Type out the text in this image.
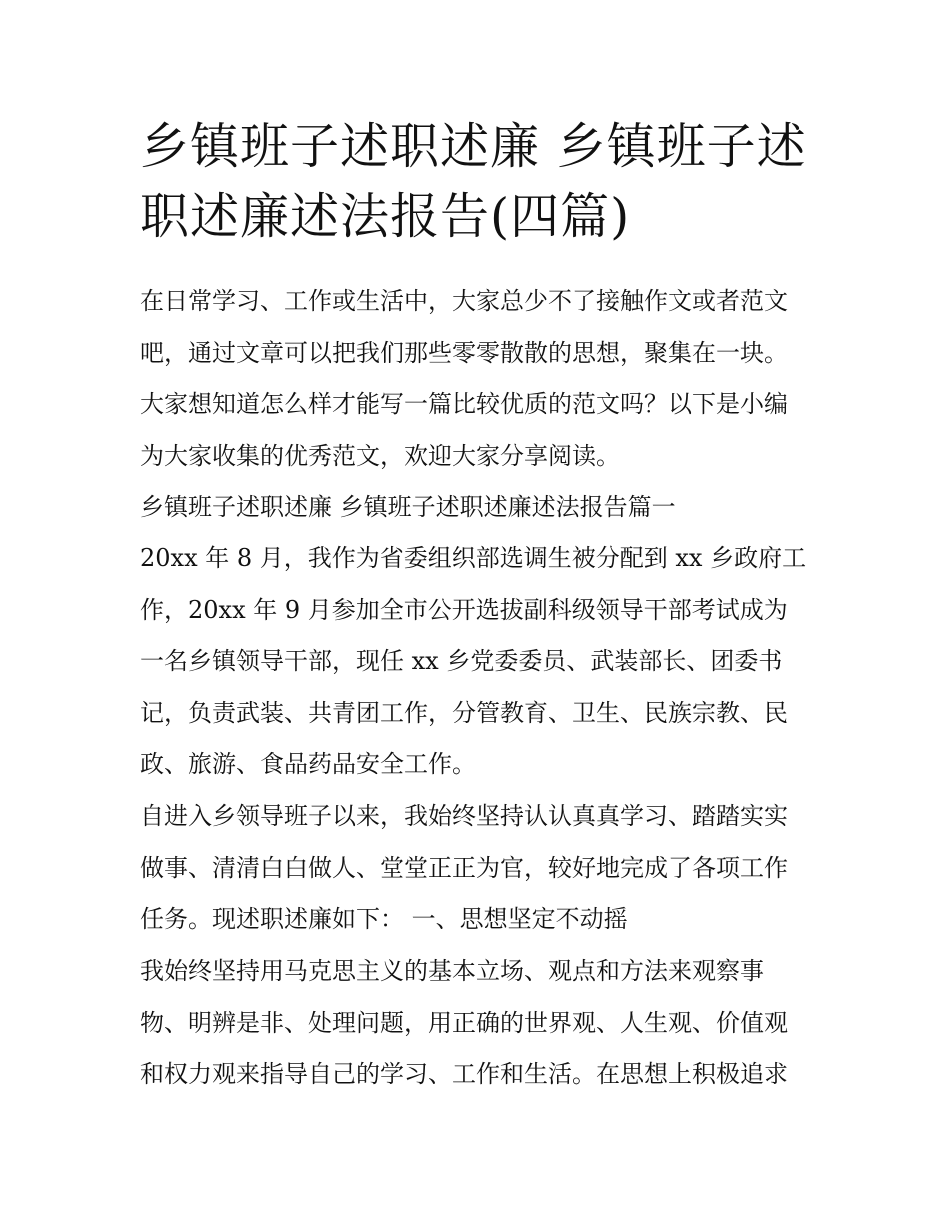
乡镇班子述职述廉 乡镇班子述
职述廉述法报告(四篇)
在日常学习、工作或生活中，大家总少不了接触作文或者范文
吧，通过文章可以把我们那些零零散散的思想，聚集在一块。
大家想知道怎么样才能写一篇比较优质的范文吗？以下是小编
为大家收集的优秀范文，欢迎大家分享阅读。
乡镇班子述职述廉 乡镇班子述职述廉述法报告篇一
20xx 年 8 月，我作为省委组织部选调生被分配到 xx 乡政府工
作，20xx 年 9 月参加全市公开选拔副科级领导干部考试成为
一名乡镇领导干部，现任 xx 乡党委委员、武装部长、团委书
记，负责武装、共青团工作，分管教育、卫生、民族宗教、民
政、旅游、食品药品安全工作。
自进入乡领导班子以来，我始终坚持认认真真学习、踏踏实实
做事、清清白白做人、堂堂正正为官，较好地完成了各项工作
任务。现述职述廉如下： 一、思想坚定不动摇
我始终坚持用马克思主义的基本立场、观点和方法来观察事
物、明辨是非、处理问题，用正确的世界观、人生观、价值观
和权力观来指导自己的学习、工作和生活。在思想上积极追求
